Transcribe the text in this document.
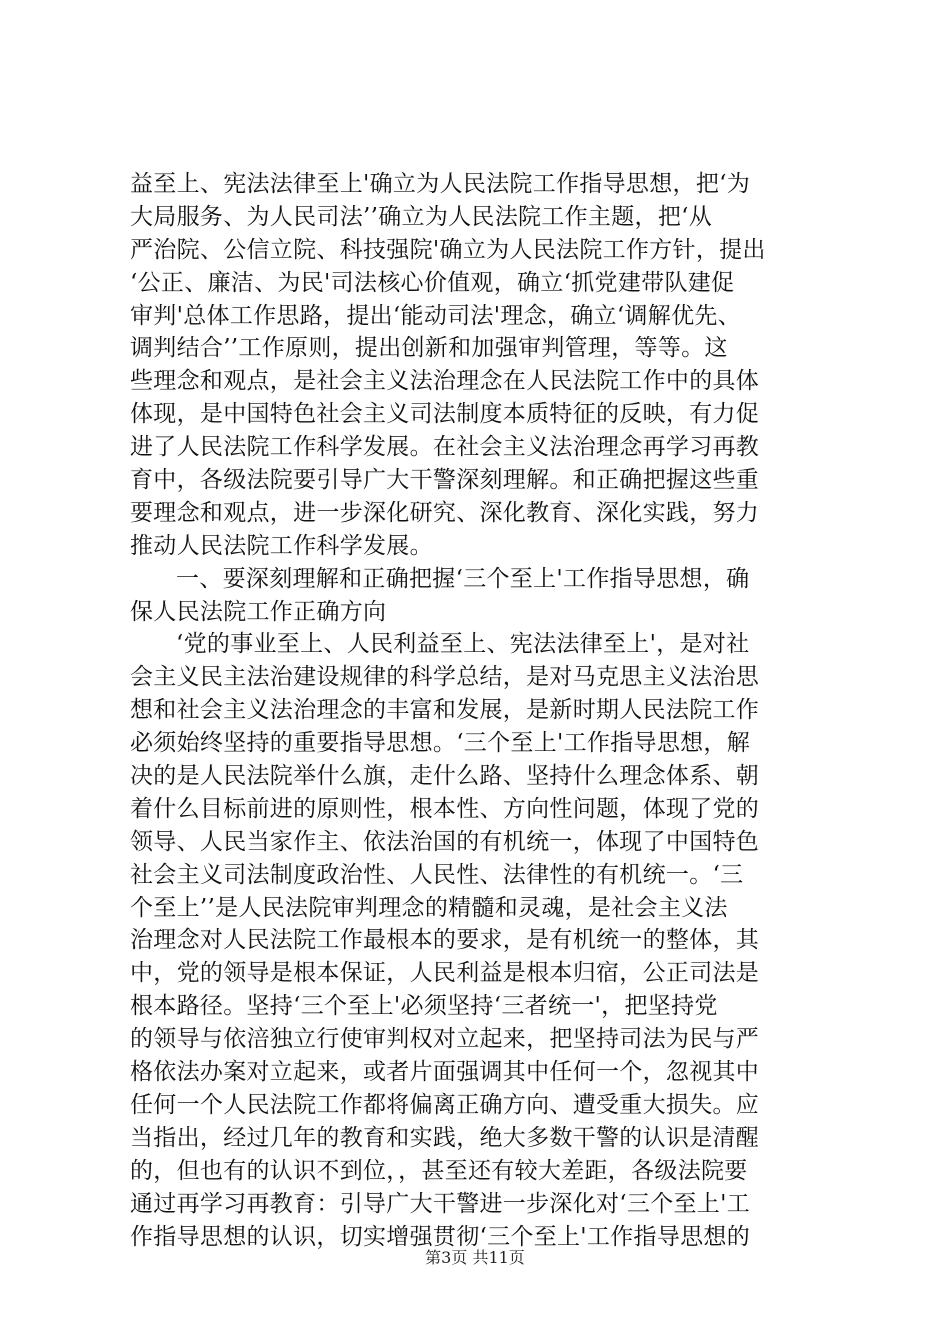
益至上、宪法法律至上'确立为人民法院工作指导思想，把‘为
大局服务、为人民司法’’确立为人民法院工作主题，把‘从
严治院、公信立院、科技强院'确立为人民法院工作方针，提出
‘公正、廉洁、为民'司法核心价值观，确立‘抓党建带队建促
审判'总体工作思路，提出‘能动司法'理念，确立‘调解优先、
调判结合’’工作原则，提出创新和加强审判管理，等等。这
些理念和观点，是社会主义法治理念在人民法院工作中的具体
体现，是中国特色社会主义司法制度本质特征的反映，有力促
进了人民法院工作科学发展。在社会主义法治理念再学习再教
育中，各级法院要引导广大干警深刻理解。和正确把握这些重
要理念和观点，进一步深化研究、深化教育、深化实践，努力
推动人民法院工作科学发展。
一、要深刻理解和正确把握‘三个至上'工作指导思想，确
保人民法院工作正确方向
‘党的事业至上、人民利益至上、宪法法律至上'，是对社
会主义民主法治建设规律的科学总结，是对马克思主义法治思
想和社会主义法治理念的丰富和发展，是新时期人民法院工作
必须始终坚持的重要指导思想。‘三个至上'工作指导思想，解
决的是人民法院举什么旗，走什么路、坚持什么理念体系、朝
着什么目标前进的原则性，根本性、方向性问题，体现了党的
领导、人民当家作主、依法治国的有机统一，体现了中国特色
社会主义司法制度政治性、人民性、法律性的有机统一。‘三
个至上’’是人民法院审判理念的精髓和灵魂，是社会主义法
治理念对人民法院工作最根本的要求，是有机统一的整体，其
中，党的领导是根本保证，人民利益是根本归宿，公正司法是
根本路径。坚持‘三个至上'必须坚持‘三者统一'，把坚持党
的领导与依涪独立行使审判权对立起来，把坚持司法为民与严
格依法办案对立起来，或者片面强调其中任何一个，忽视其中
任何一个人民法院工作都将偏离正确方向、遭受重大损失。应
当指出，经过几年的教育和实践，绝大多数干警的认识是清醒
的，但也有的认识不到位，，甚至还有较大差距，各级法院要
通过再学习再教育：引导广大干警进一步深化对‘三个至上'工
作指导思想的认识，切实增强贯彻‘三个至上'工作指导思想的
第3页 共11页
